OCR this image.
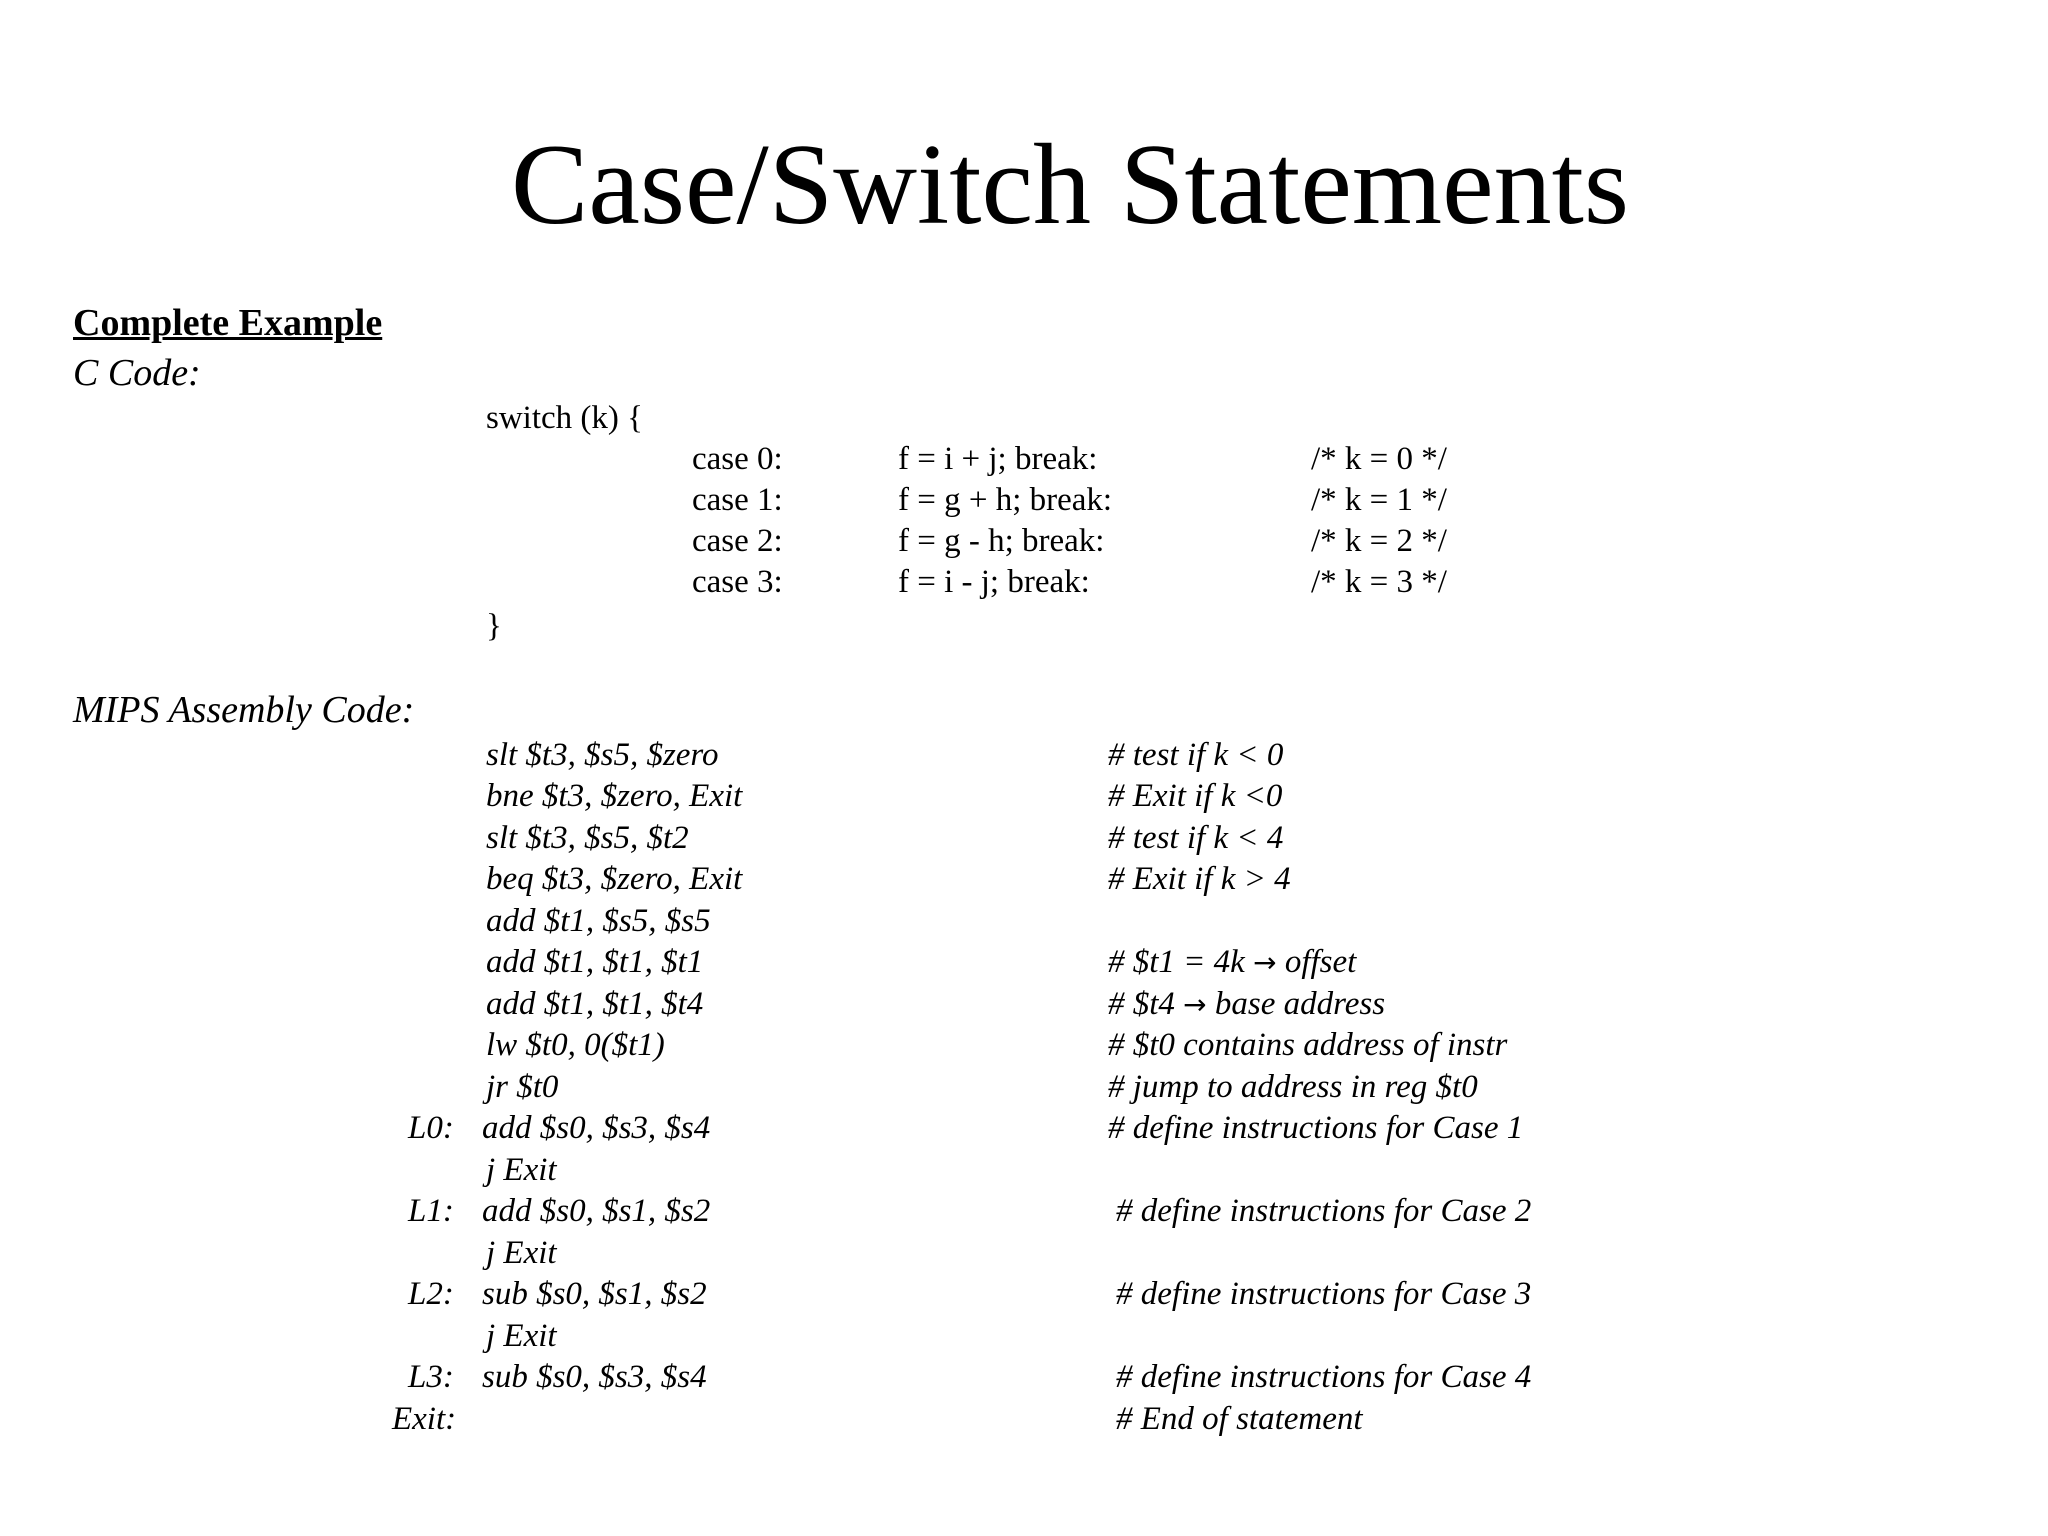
Case/Switch Statements
Complete Example
C Code:
switch (k) {
case 0:	f = i + j; break:	/* k = 0 */
case 1:	f = g + h; break:	/* k = 1 */
case 2:	f = g - h; break:	/* k = 2 */
case 3:	f = i - j; break:	/* k = 3 */
}
MIPS Assembly Code:
slt $t3, $s5, $zero	# test if k < 0
bne $t3, $zero, Exit	# Exit if k <0
slt $t3, $s5, $t2	# test if k < 4
beq $t3, $zero, Exit	# Exit if k > 4
add $t1, $s5, $s5
add $t1, $t1, $t1	# $t1 = 4k → offset
add $t1, $t1, $t4	# $t4 → base address
lw $t0, 0($t1)	# $t0 contains address of instr
jr $t0	# jump to address in reg $t0
L0: add $s0, $s3, $s4	# define instructions for Case 1
j Exit
L1: add $s0, $s1, $s2	# define instructions for Case 2
j Exit
L2: sub $s0, $s1, $s2	# define instructions for Case 3
j Exit
L3: sub $s0, $s3, $s4	# define instructions for Case 4
Exit:	# End of statement
